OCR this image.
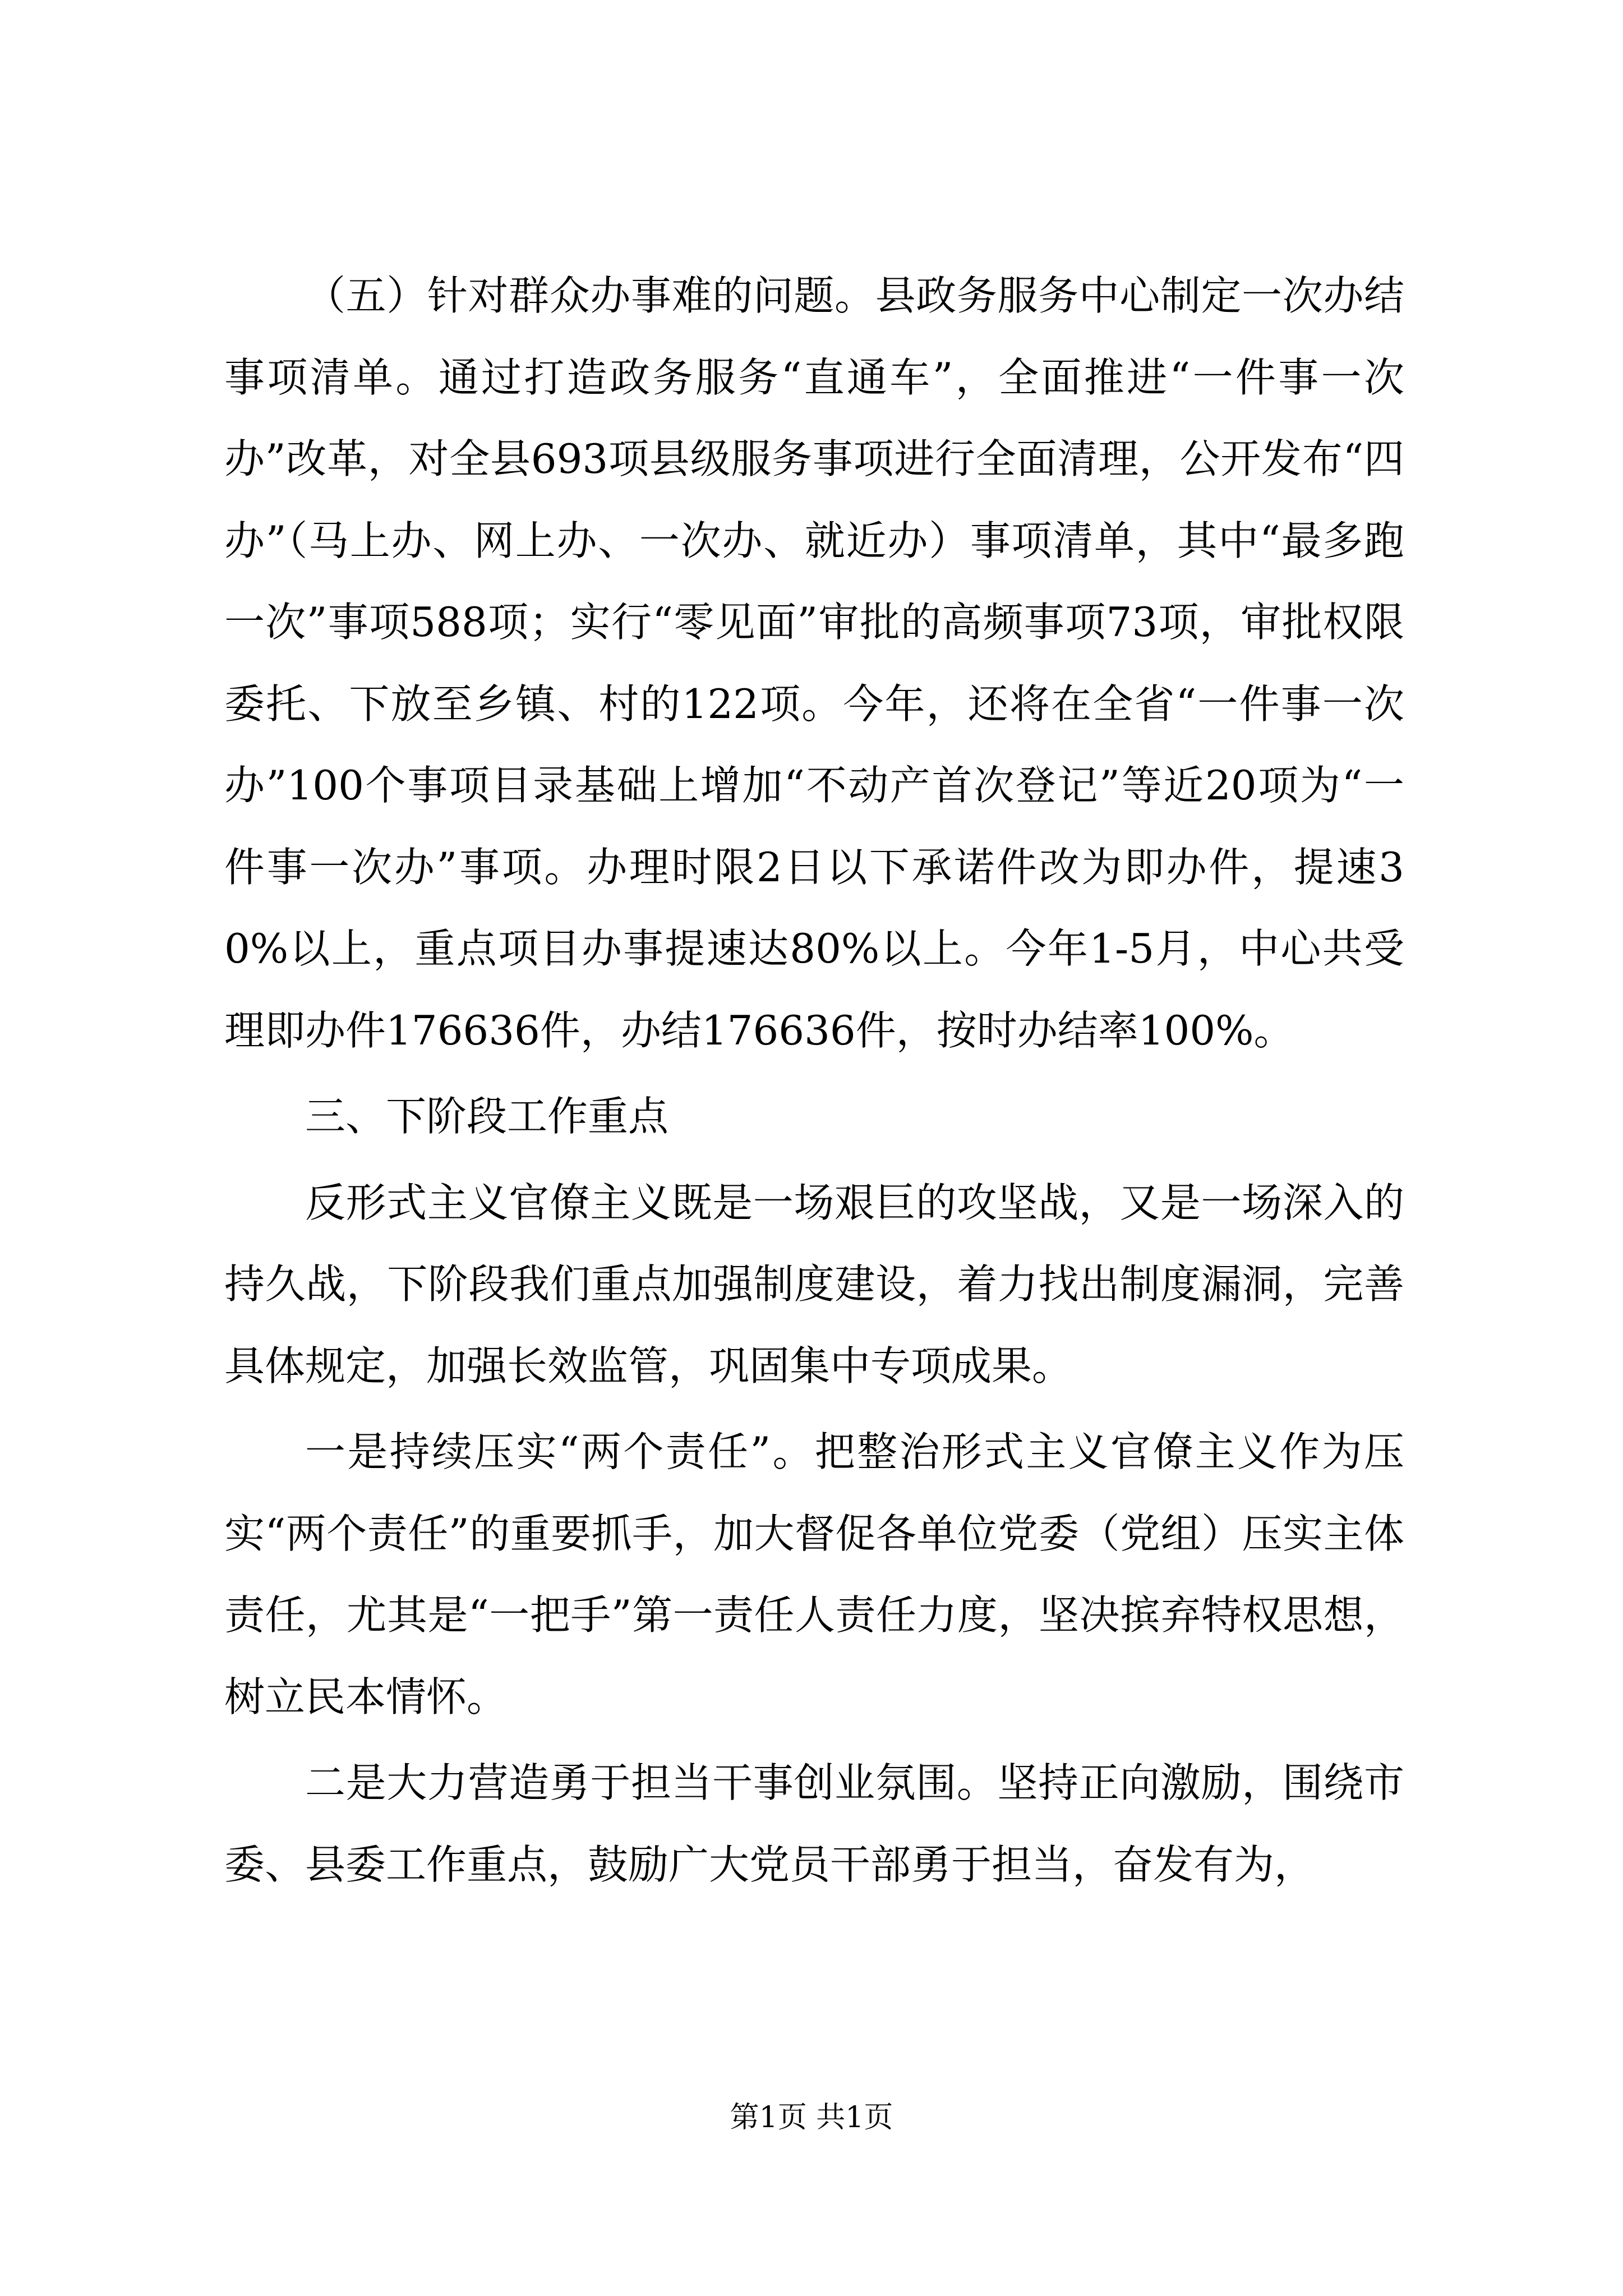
（五）针对群众办事难的问题。县政务服务中心制定一次办结事项清单。通过打造政务服务“直通车”，全面推进“一件事一次办”改革，对全县693项县级服务事项进行全面清理，公开发布“四办”（马上办、网上办、一次办、就近办）事项清单，其中“最多跑一次”事项588项；实行“零见面”审批的高频事项73项，审批权限委托、下放至乡镇、村的122项。今年，还将在全省“一件事一次办”100个事项目录基础上增加“不动产首次登记”等近20项为“一件事一次办”事项。办理时限2日以下承诺件改为即办件，提速30%以上，重点项目办事提速达80%以上。今年1-5月，中心共受理即办件176636件，办结176636件，按时办结率100%。

三、下阶段工作重点

反形式主义官僚主义既是一场艰巨的攻坚战，又是一场深入的持久战，下阶段我们重点加强制度建设，着力找出制度漏洞，完善具体规定，加强长效监管，巩固集中专项成果。

一是持续压实“两个责任”。把整治形式主义官僚主义作为压实“两个责任”的重要抓手，加大督促各单位党委（党组）压实主体责任，尤其是“一把手”第一责任人责任力度，坚决摈弃特权思想，树立民本情怀。

二是大力营造勇于担当干事创业氛围。坚持正向激励，围绕市委、县委工作重点，鼓励广大党员干部勇于担当，奋发有为，

第1页 共1页
